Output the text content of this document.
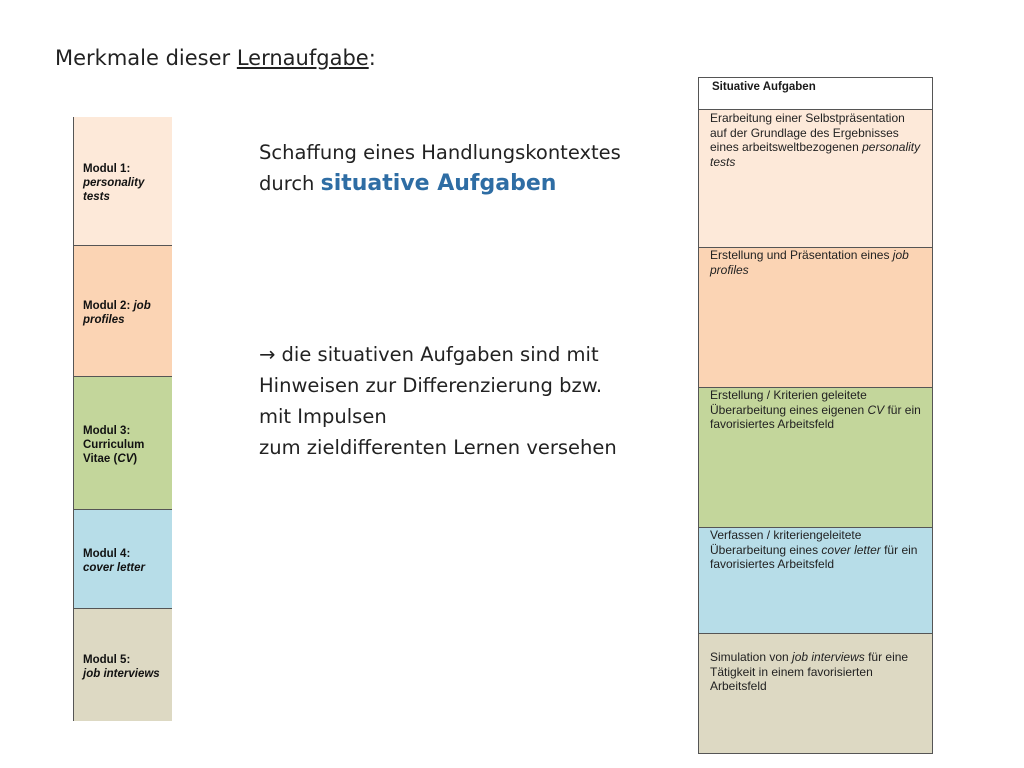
Merkmale dieser Lernaufgabe:
Modul 1:
personality tests
Modul 2: job profiles
Modul 3: Curriculum Vitae (CV)
Modul 4:
cover letter
Modul 5:
job interviews
Schaffung eines Handlungskontextes
durch situative Aufgaben
→ die situativen Aufgaben sind mit
Hinweisen zur Differenzierung bzw.
mit Impulsen
zum zieldifferenten Lernen versehen
Situative Aufgaben
Erarbeitung einer Selbstpräsentation auf der Grundlage des Ergebnisses eines arbeitsweltbezogenen personality tests
Erstellung und Präsentation eines job profiles
Erstellung / Kriterien geleitete Überarbeitung eines eigenen CV für ein favorisiertes Arbeitsfeld
Verfassen / kriteriengeleitete Überarbeitung eines cover letter für ein favorisiertes Arbeitsfeld
Simulation von job interviews für eine Tätigkeit in einem favorisierten Arbeitsfeld
